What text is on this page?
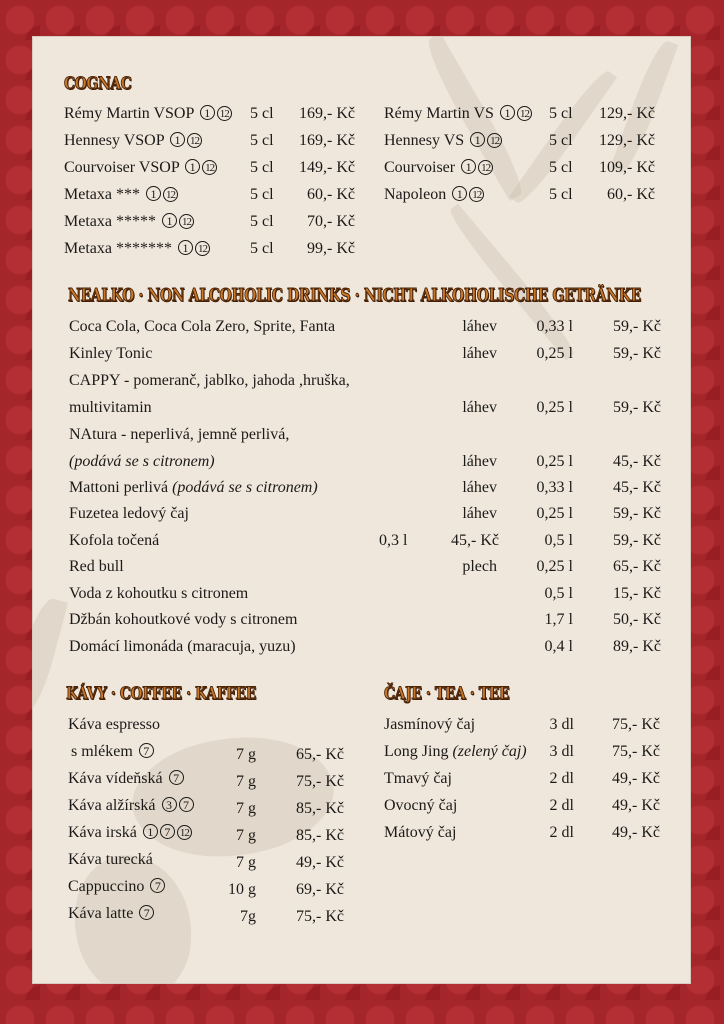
COGNAC
Rémy Martin VSOP 1 12 5 cl	169,- Kč
Hennesy VSOP 1 12	5 cl	169,- Kč
Courvoiser VSOP 1 12 5 cl	149,- Kč
Metaxa *** 1 12	5 cl	60,- Kč
Metaxa ***** 1 12	5 cl	70,- Kč
Metaxa ******* 1 12	5 cl	99,- Kč
Rémy Martin VS 1 12 5 cl	129,- Kč
Hennesy VS 1 12	5 cl	129,- Kč
Courvoiser 1 12	5 cl	109,- Kč
Napoleon 1 12	5 cl	60,- Kč
NEALKO · NON ALCOHOLIC DRINKS · NICHT ALKOHOLISCHE GETRÄNKE
Coca Cola, Coca Cola Zero, Sprite, Fanta	láhev	0,33 l	59,- Kč
Kinley Tonic	láhev	0,25 l	59,- Kč
CAPPY - pomeranč, jablko, jahoda ,hruška,
multivitamin	láhev	0,25 l	59,- Kč
NAtura - neperlivá, jemně perlivá,
(podává se s citronem)	láhev	0,25 l	45,- Kč
Mattoni perlivá (podává se s citronem)	láhev	0,33 l	45,- Kč
Fuzetea ledový čaj	láhev	0,25 l	59,- Kč
Kofola točená	0,3 l	45,- Kč	0,5 l	59,- Kč
Red bull	plech	0,25 l	65,- Kč
Voda z kohoutku s citronem	0,5 l	15,- Kč
Džbán kohoutkové vody s citronem	1,7 l	50,- Kč
Domácí limonáda (maracuja, yuzu)	0,4 l	89,- Kč
KÁVY · COFFEE · KAFFEE
Káva espresso
s mlékem 7	7 g	65,- Kč
Káva vídeňská 7	7 g	75,- Kč
Káva alžírská 3 7	7 g	85,- Kč
Káva irská 1 7 12	7 g	85,- Kč
Káva turecká	7 g	49,- Kč
Cappuccino 7	10 g	69,- Kč
Káva latte 7	7g	75,- Kč
ČAJE · TEA · TEE
Jasmínový čaj	3 dl	75,- Kč
Long Jing (zelený čaj)	3 dl	75,- Kč
Tmavý čaj	2 dl	49,- Kč
Ovocný čaj	2 dl	49,- Kč
Mátový čaj	2 dl	49,- Kč
